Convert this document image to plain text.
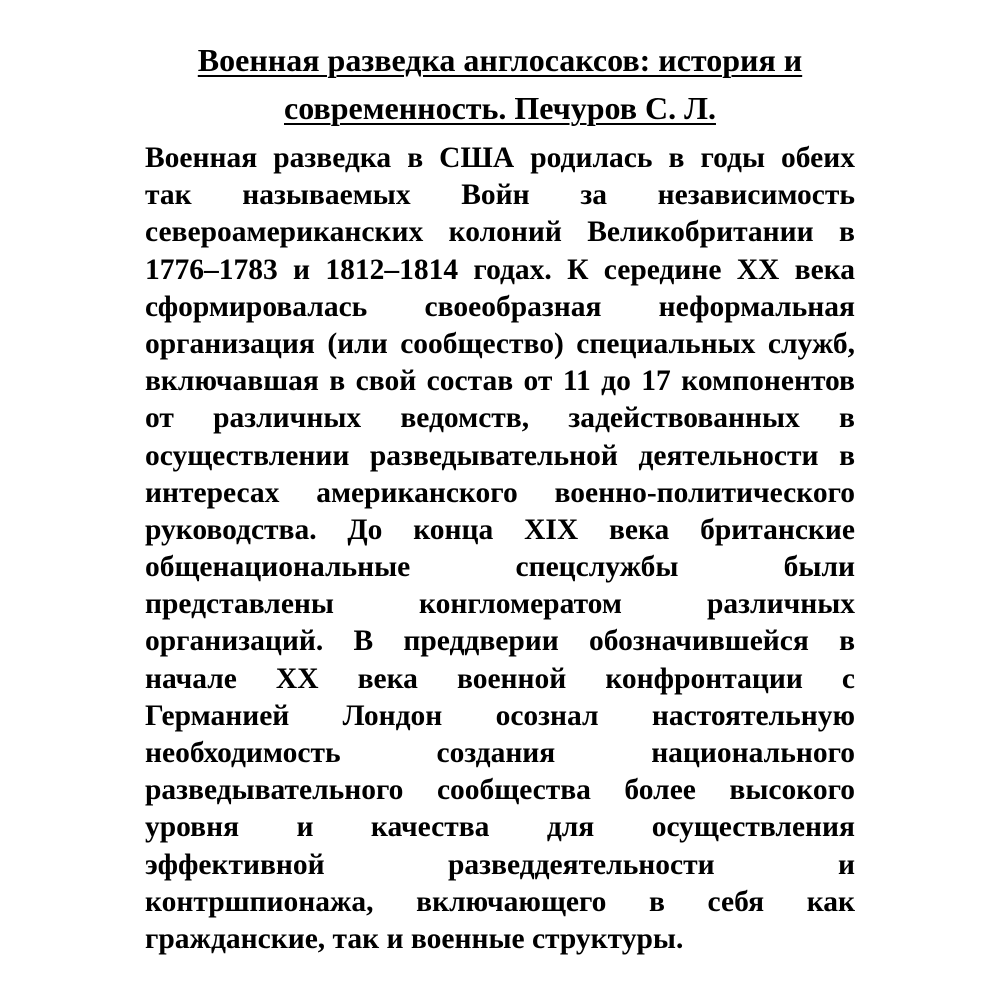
Военная разведка англосаксов: история и
современность. Печуров С. Л.
Военная разведка в США родилась в годы обеих
так называемых Войн за независимость
североамериканских колоний Великобритании в
1776–1783 и 1812–1814 годах. К середине XX века
сформировалась своеобразная неформальная
организация (или сообщество) специальных служб,
включавшая в свой состав от 11 до 17 компонентов
от различных ведомств, задействованных в
осуществлении разведывательной деятельности в
интересах американского военно-политического
руководства. До конца XIX века британские
общенациональные спецслужбы были
представлены конгломератом различных
организаций. В преддверии обозначившейся в
начале XX века военной конфронтации с
Германией Лондон осознал настоятельную
необходимость создания национального
разведывательного сообщества более высокого
уровня и качества для осуществления
эффективной разведдеятельности и
контршпионажа, включающего в себя как
гражданские, так и военные структуры.
